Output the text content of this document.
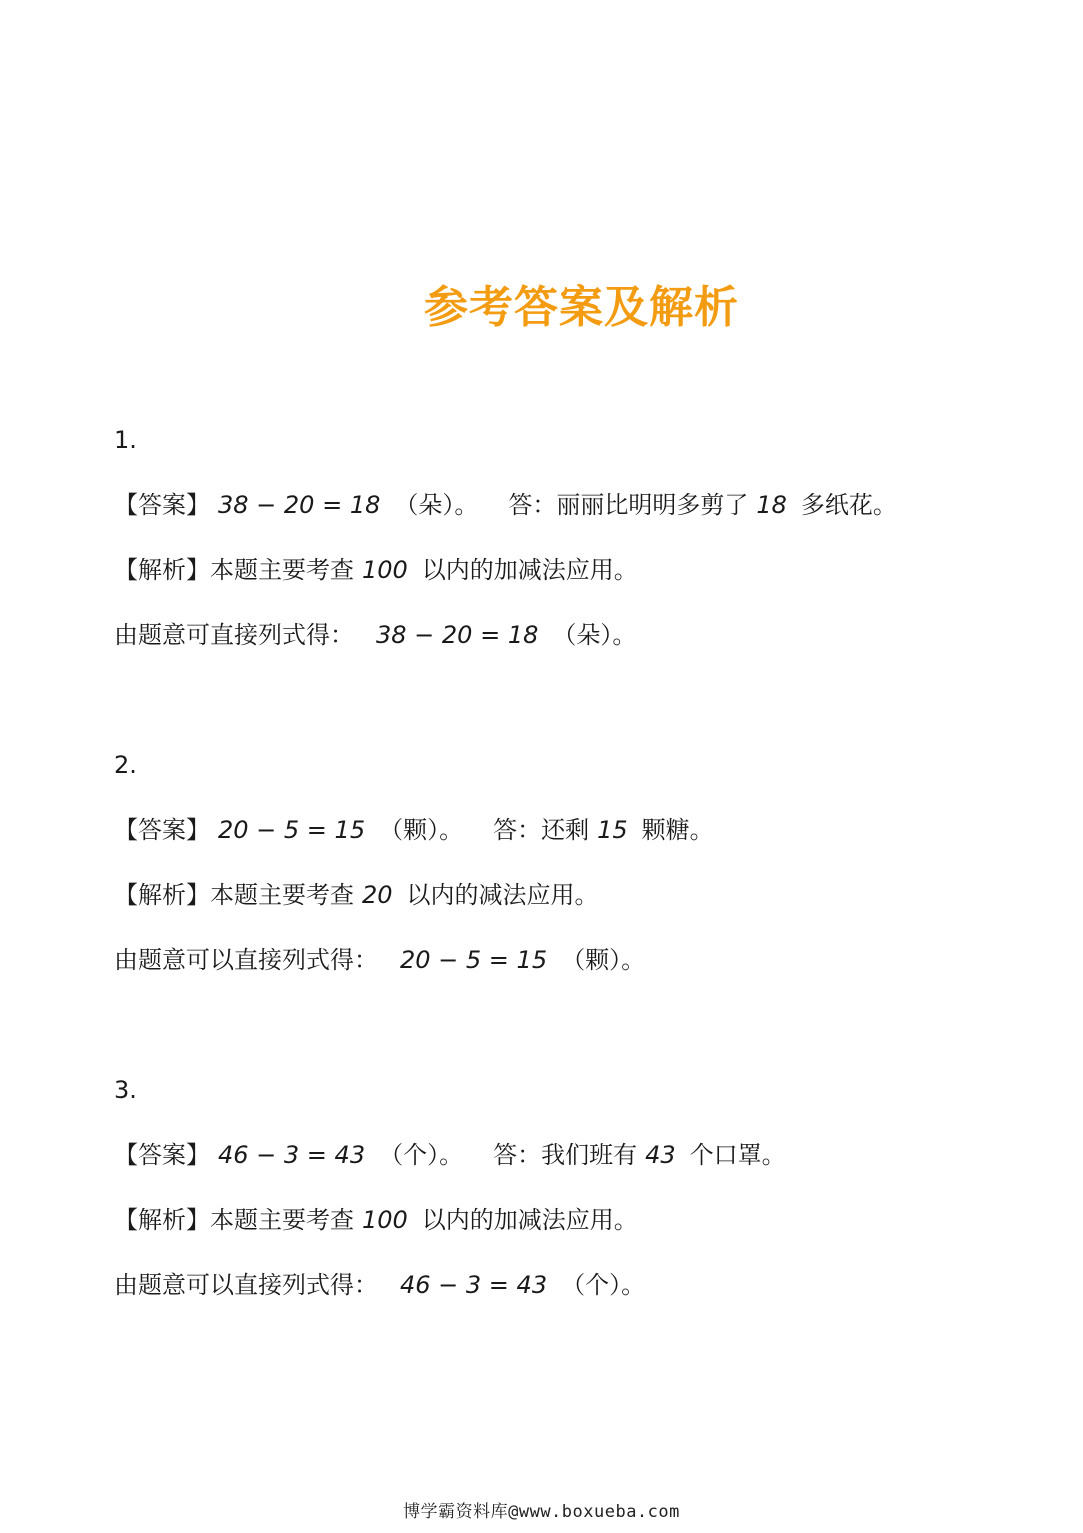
参考答案及解析
1.
【答案】 38 − 20 = 18 （朵）。 答：丽丽比明明多剪了 18 多纸花。
【解析】本题主要考查 100 以内的加减法应用。
由题意可直接列式得： 38 − 20 = 18 （朵）。
2.
【答案】 20 − 5 = 15 （颗）。 答：还剩 15 颗糖。
【解析】本题主要考查 20 以内的减法应用。
由题意可以直接列式得： 20 − 5 = 15 （颗）。
3.
【答案】 46 − 3 = 43 （个）。 答：我们班有 43 个口罩。
【解析】本题主要考查 100 以内的加减法应用。
由题意可以直接列式得： 46 − 3 = 43 （个）。
博学霸资料库@www.boxueba.com
